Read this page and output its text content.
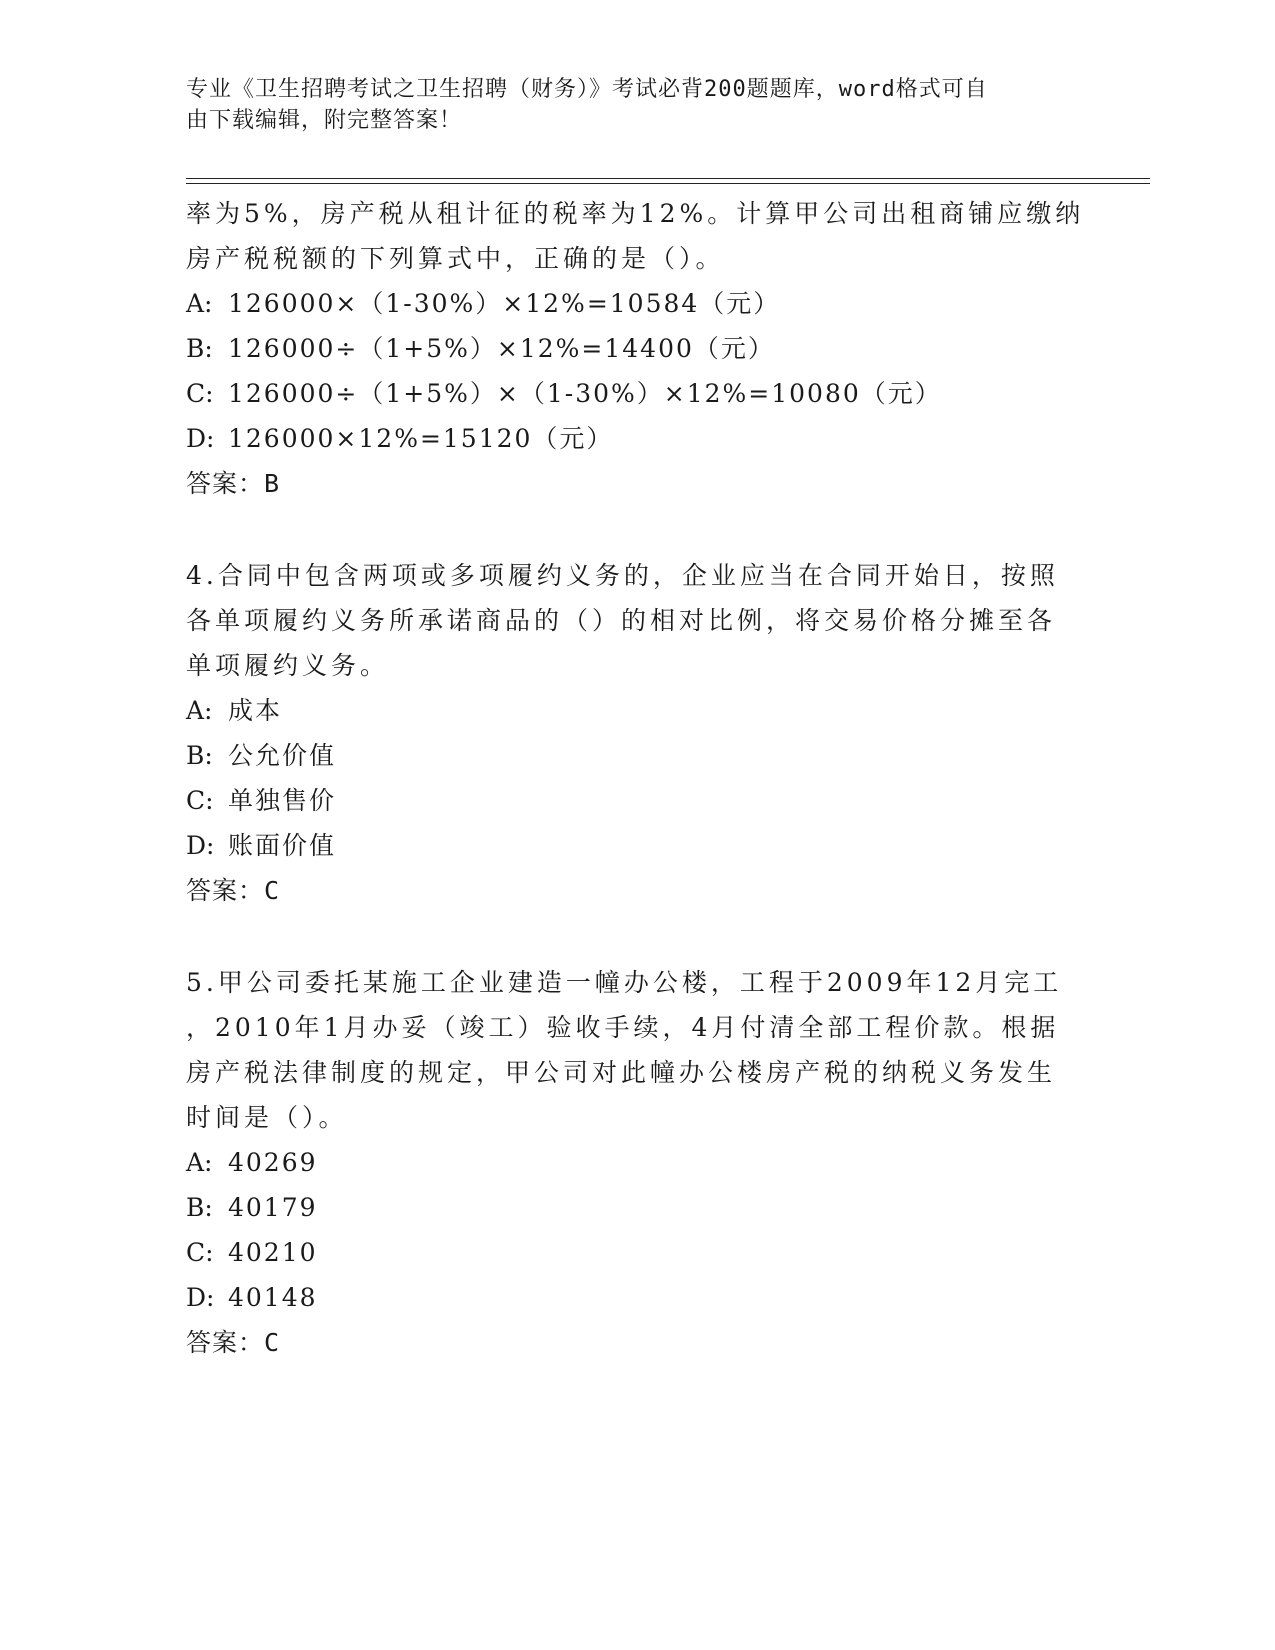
专业《卫生招聘考试之卫生招聘（财务）》考试必背200题题库，word格式可自
由下载编辑，附完整答案！
率为5%，房产税从租计征的税率为12%。计算甲公司出租商铺应缴纳
房产税税额的下列算式中，正确的是（）。
A: 126000×（1-30%）×12%=10584（元）
B: 126000÷（1+5%）×12%=14400（元）
C: 126000÷（1+5%）×（1-30%）×12%=10080（元）
D: 126000×12%=15120（元）
答案：B
4.合同中包含两项或多项履约义务的，企业应当在合同开始日，按照
各单项履约义务所承诺商品的（）的相对比例，将交易价格分摊至各
单项履约义务。
A: 成本
B: 公允价值
C: 单独售价
D: 账面价值
答案：C
5.甲公司委托某施工企业建造一幢办公楼，工程于2009年12月完工
，2010年1月办妥（竣工）验收手续，4月付清全部工程价款。根据
房产税法律制度的规定，甲公司对此幢办公楼房产税的纳税义务发生
时间是（）。
A: 40269
B: 40179
C: 40210
D: 40148
答案：C
